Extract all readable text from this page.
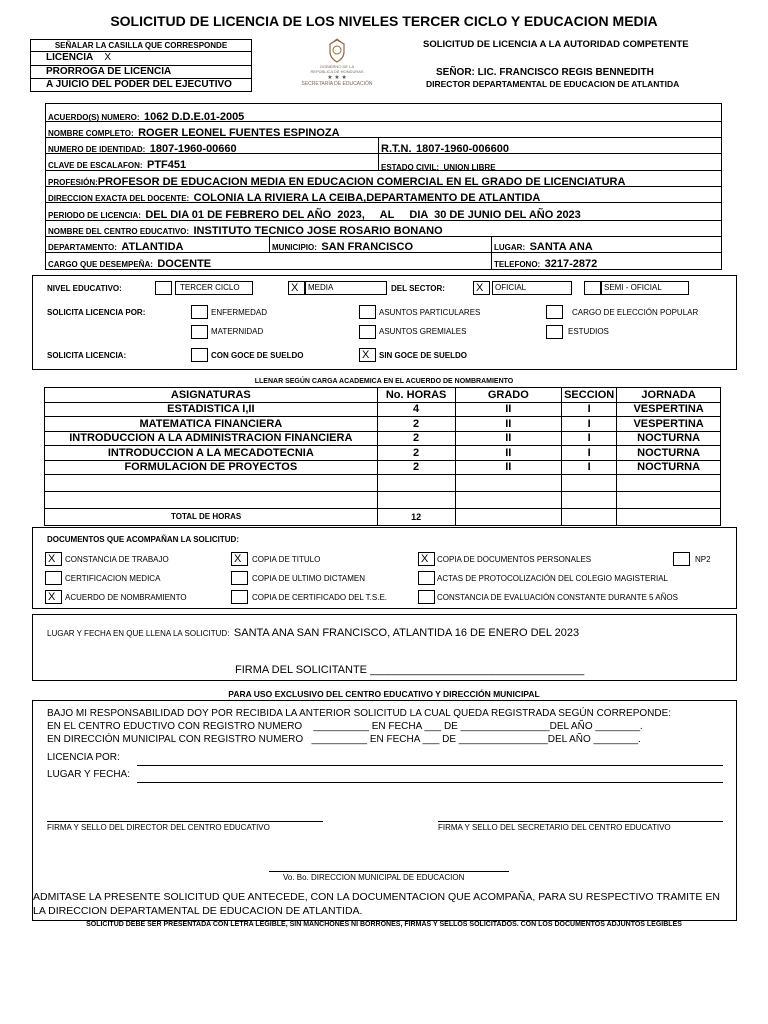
SOLICITUD DE LICENCIA DE LOS NIVELES TERCER CICLO Y EDUCACION MEDIA
SEÑALAR LA CASILLA QUE CORRESPONDE
LICENCIA X
PRORROGA DE LICENCIA
A JUICIO DEL PODER DEL EJECUTIVO
GOBIERNO DE LA
REPÚBLICA DE HONDURAS
★ ★ ★
SECRETARÍA DE EDUCACIÓN
SOLICITUD DE LICENCIA A LA AUTORIDAD COMPETENTE
SEÑOR: LIC. FRANCISCO REGIS BENNEDITH
DIRECTOR DEPARTAMENTAL DE EDUCACION DE ATLANTIDA
ACUERDO(S) NUMERO: 1062 D.D.E.01-2005
NOMBRE COMPLETO: ROGER LEONEL FUENTES ESPINOZA
NUMERO DE IDENTIDAD: 1807-1960-00660	R.T.N. 1807-1960-006600
CLAVE DE ESCALAFON: PTF451	ESTADO CIVIL: UNION LIBRE
PROFESIÓN:PROFESOR DE EDUCACION MEDIA EN EDUCACION COMERCIAL EN EL GRADO DE LICENCIATURA
DIRECCION EXACTA DEL DOCENTE: COLONIA LA RIVIERA LA CEIBA,DEPARTAMENTO DE ATLANTIDA
PERIODO DE LICENCIA: DEL DIA 01 DE FEBRERO DEL AÑO  2023,     AL     DIA  30 DE JUNIO DEL AÑO 2023
NOMBRE DEL CENTRO EDUCATIVO: INSTITUTO TECNICO JOSE ROSARIO BONANO
DEPARTAMENTO: ATLANTIDA	MUNICIPIO: SAN FRANCISCO	LUGAR: SANTA ANA
CARGO QUE DESEMPEÑA: DOCENTE	TELEFONO: 3217-2872
NIVEL EDUCATIVO:	TERCER CICLO	X	MEDIA	DEL SECTOR:	X	OFICIAL	SEMI - OFICIAL
SOLICITA LICENCIA POR:	ENFERMEDAD	ASUNTOS PARTICULARES	CARGO DE ELECCIÓN POPULAR
MATERNIDAD	ASUNTOS GREMIALES	ESTUDIOS
SOLICITA LICENCIA:	CON GOCE DE SUELDO	X	SIN GOCE DE SUELDO
LLENAR SEGÚN CARGA ACADEMICA EN EL ACUERDO DE NOMBRAMIENTO
ASIGNATURAS	No. HORAS	GRADO	SECCION	JORNADA
ESTADISTICA I,II	4	II	I	VESPERTINA
MATEMATICA FINANCIERA	2	II	I	VESPERTINA
INTRODUCCION A LA ADMINISTRACION FINANCIERA	2	II	I	NOCTURNA
INTRODUCCION A LA MECADOTECNIA	2	II	I	NOCTURNA
FORMULACION DE PROYECTOS	2	II	I	NOCTURNA

TOTAL DE HORAS	12			
DOCUMENTOS QUE ACOMPAÑAN LA SOLICITUD:
X	CONSTANCIA DE TRABAJO	X	COPIA DE TITULO	X	COPIA DE DOCUMENTOS PERSONALES	NP2
CERTIFICACION MEDICA	COPIA DE ULTIMO DICTAMEN	ACTAS DE PROTOCOLIZACIÓN DEL COLEGIO MAGISTERIAL
X	ACUERDO DE NOMBRAMIENTO	COPIA DE CERTIFICADO DEL T.S.E.	CONSTANCIA DE EVALUACIÓN CONSTANTE DURANTE 5 AÑOS
LUGAR Y FECHA EN QUE LLENA LA SOLICITUD: SANTA ANA SAN FRANCISCO, ATLANTIDA 16 DE ENERO DEL 2023
FIRMA DEL SOLICITANTE ___________________________________
PARA USO EXCLUSIVO DEL CENTRO EDUCATIVO Y DIRECCIÓN MUNICIPAL
BAJO MI RESPONSABILIDAD DOY POR RECIBIDA LA ANTERIOR SOLICITUD LA CUAL QUEDA REGISTRADA SEGÚN CORREPONDE:
EN EL CENTRO EDUCTIVO CON REGISTRO NUMERO    __________ EN FECHA ___ DE ________________DEL AÑO ________.
EN DIRECCIÓN MUNICIPAL CON REGISTRO NUMERO   __________ EN FECHA ___ DE ________________DEL AÑO ________.
LICENCIA POR:
LUGAR Y FECHA:
FIRMA Y SELLO DEL DIRECTOR DEL CENTRO EDUCATIVO	FIRMA Y SELLO DEL SECRETARIO DEL CENTRO EDUCATIVO
Vo. Bo. DIRECCION MUNICIPAL DE EDUCACION
ADMITASE LA PRESENTE SOLICITUD QUE ANTECEDE, CON LA DOCUMENTACION QUE ACOMPAÑA, PARA SU RESPECTIVO TRAMITE EN LA DIRECCION DEPARTAMENTAL DE EDUCACION DE ATLANTIDA.
SOLICITUD DEBE SER PRESENTADA CON LETRA LEGIBLE, SIN MANCHONES NI BORRONES, FIRMAS Y SELLOS SOLICITADOS. CON LOS DOCUMENTOS ADJUNTOS LEGIBLES
